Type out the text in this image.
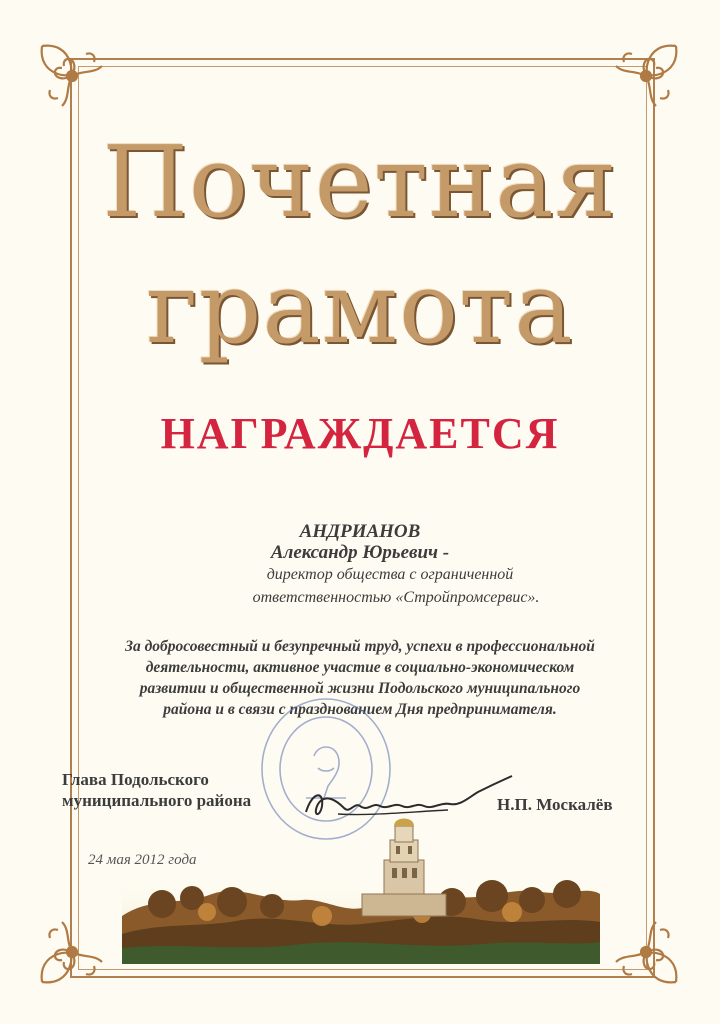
Почетная
грамота
НАГРАЖДАЕТСЯ
АНДРИАНОВ
Александр Юрьевич -
директор общества с ограниченной
ответственностью «Стройпромсервис».
За добросовестный и безупречный труд, успехи в профессиональной
деятельности, активное участие в социально-экономическом
развитии и общественной жизни Подольского муниципального
района и в связи с празднованием Дня предпринимателя.
Глава Подольского
муниципального района	Н.П. Москалёв
24 мая 2012 года
